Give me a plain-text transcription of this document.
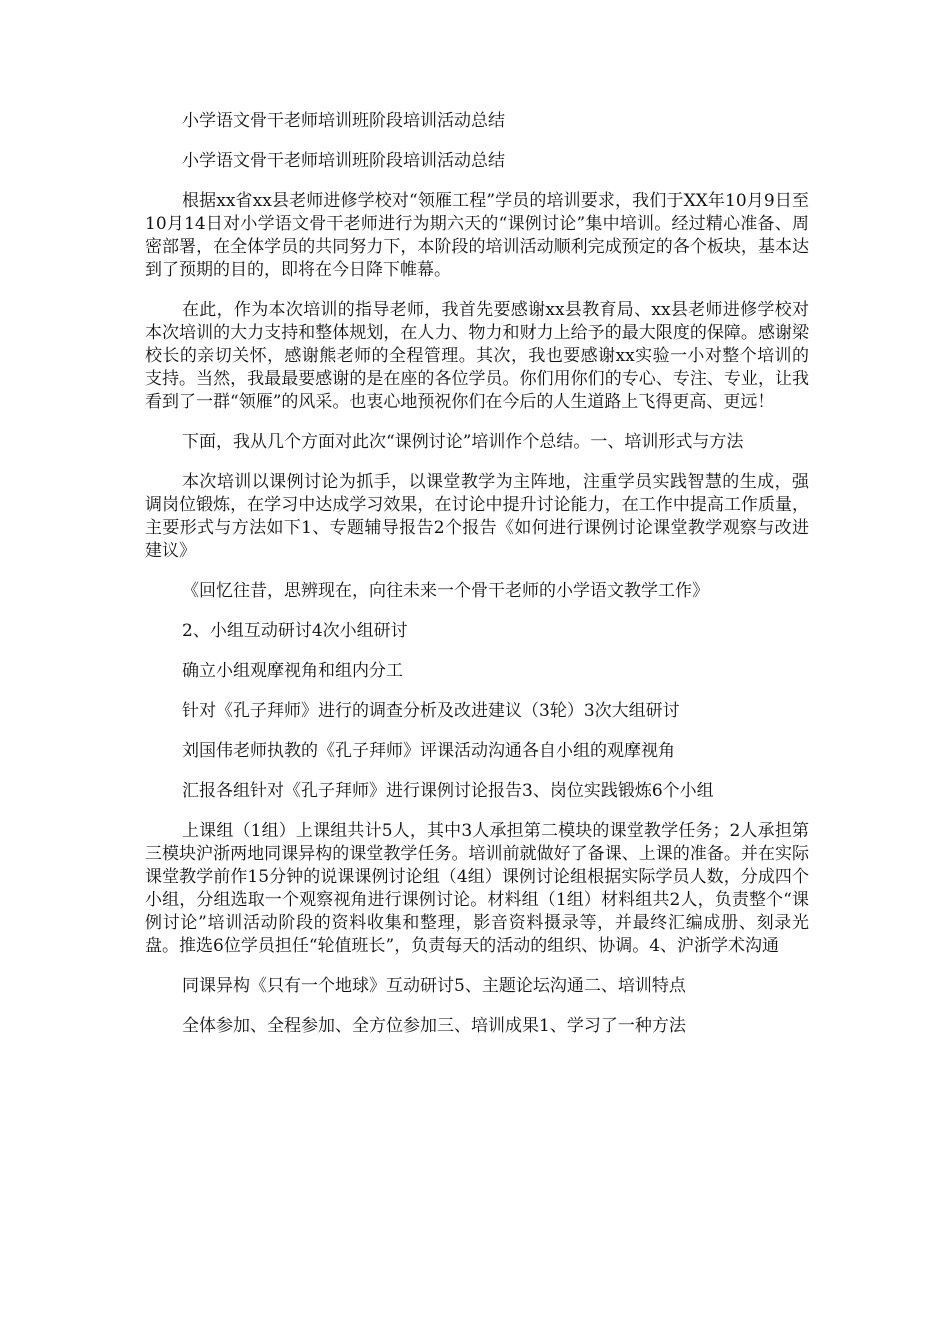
小学语文骨干老师培训班阶段培训活动总结

小学语文骨干老师培训班阶段培训活动总结

根据xx省xx县老师进修学校对“领雁工程”学员的培训要求，我们于XX年10月9日至10月14日对小学语文骨干老师进行为期六天的“课例讨论”集中培训。经过精心准备、周密部署，在全体学员的共同努力下，本阶段的培训活动顺利完成预定的各个板块，基本达到了预期的目的，即将在今日降下帷幕。

在此，作为本次培训的指导老师，我首先要感谢xx县教育局、xx县老师进修学校对本次培训的大力支持和整体规划，在人力、物力和财力上给予的最大限度的保障。感谢梁校长的亲切关怀，感谢熊老师的全程管理。其次，我也要感谢xx实验一小对整个培训的支持。当然，我最最要感谢的是在座的各位学员。你们用你们的专心、专注、专业，让我看到了一群“领雁”的风采。也衷心地预祝你们在今后的人生道路上飞得更高、更远！

下面，我从几个方面对此次“课例讨论”培训作个总结。一、培训形式与方法

本次培训以课例讨论为抓手，以课堂教学为主阵地，注重学员实践智慧的生成，强调岗位锻炼，在学习中达成学习效果，在讨论中提升讨论能力，在工作中提高工作质量，主要形式与方法如下1、专题辅导报告2个报告《如何进行课例讨论课堂教学观察与改进建议》

《回忆往昔，思辨现在，向往未来一个骨干老师的小学语文教学工作》

2、小组互动研讨4次小组研讨

确立小组观摩视角和组内分工

针对《孔子拜师》进行的调查分析及改进建议（3轮）3次大组研讨

刘国伟老师执教的《孔子拜师》评课活动沟通各自小组的观摩视角

汇报各组针对《孔子拜师》进行课例讨论报告3、岗位实践锻炼6个小组

上课组（1组）上课组共计5人，其中3人承担第二模块的课堂教学任务；2人承担第三模块沪浙两地同课异构的课堂教学任务。培训前就做好了备课、上课的准备。并在实际课堂教学前作15分钟的说课课例讨论组（4组）课例讨论组根据实际学员人数，分成四个小组，分组选取一个观察视角进行课例讨论。材料组（1组）材料组共2人，负责整个“课例讨论”培训活动阶段的资料收集和整理，影音资料摄录等，并最终汇编成册、刻录光盘。推选6位学员担任“轮值班长”，负责每天的活动的组织、协调。4、沪浙学术沟通

同课异构《只有一个地球》互动研讨5、主题论坛沟通二、培训特点

全体参加、全程参加、全方位参加三、培训成果1、学习了一种方法
